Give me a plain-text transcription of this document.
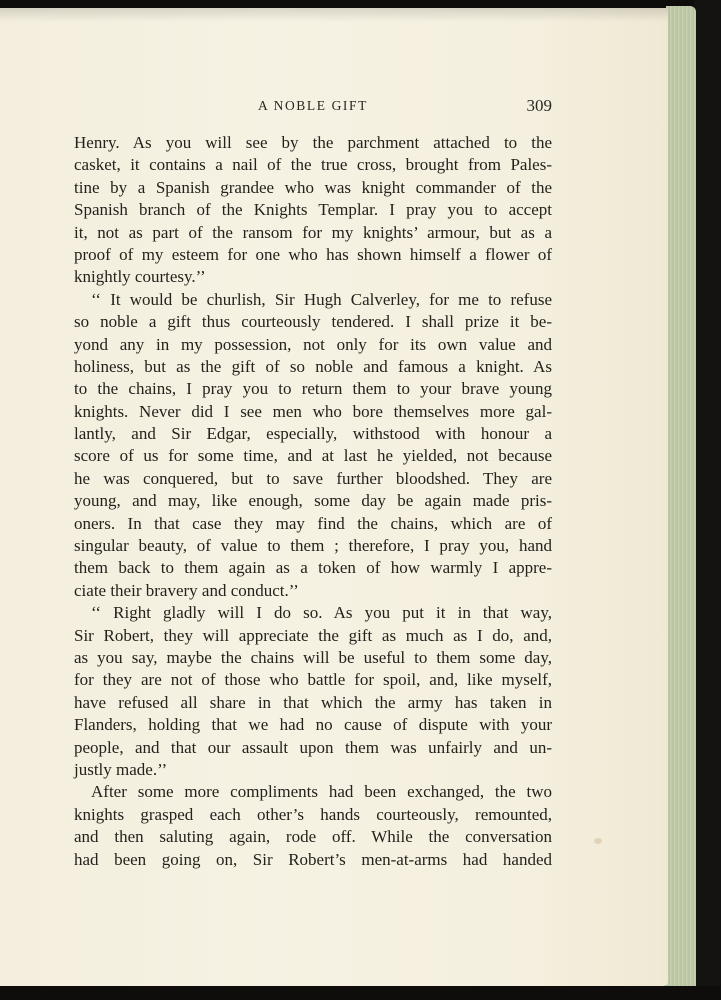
A NOBLE GIFT	309
Henry. As you will see by the parchment attached to the
casket, it contains a nail of the true cross, brought from Pales-
tine by a Spanish grandee who was knight commander of the
Spanish branch of the Knights Templar. I pray you to accept
it, not as part of the ransom for my knights’ armour, but as a
proof of my esteem for one who has shown himself a flower of
knightly courtesy.’’
‘‘ It would be churlish, Sir Hugh Calverley, for me to refuse
so noble a gift thus courteously tendered. I shall prize it be-
yond any in my possession, not only for its own value and
holiness, but as the gift of so noble and famous a knight. As
to the chains, I pray you to return them to your brave young
knights. Never did I see men who bore themselves more gal-
lantly, and Sir Edgar, especially, withstood with honour a
score of us for some time, and at last he yielded, not because
he was conquered, but to save further bloodshed. They are
young, and may, like enough, some day be again made pris-
oners. In that case they may find the chains, which are of
singular beauty, of value to them ; therefore, I pray you, hand
them back to them again as a token of how warmly I appre-
ciate their bravery and conduct.’’
‘‘ Right gladly will I do so. As you put it in that way,
Sir Robert, they will appreciate the gift as much as I do, and,
as you say, maybe the chains will be useful to them some day,
for they are not of those who battle for spoil, and, like myself,
have refused all share in that which the army has taken in
Flanders, holding that we had no cause of dispute with your
people, and that our assault upon them was unfairly and un-
justly made.’’
After some more compliments had been exchanged, the two
knights grasped each other’s hands courteously, remounted,
and then saluting again, rode off. While the conversation
had been going on, Sir Robert’s men-at-arms had handed
